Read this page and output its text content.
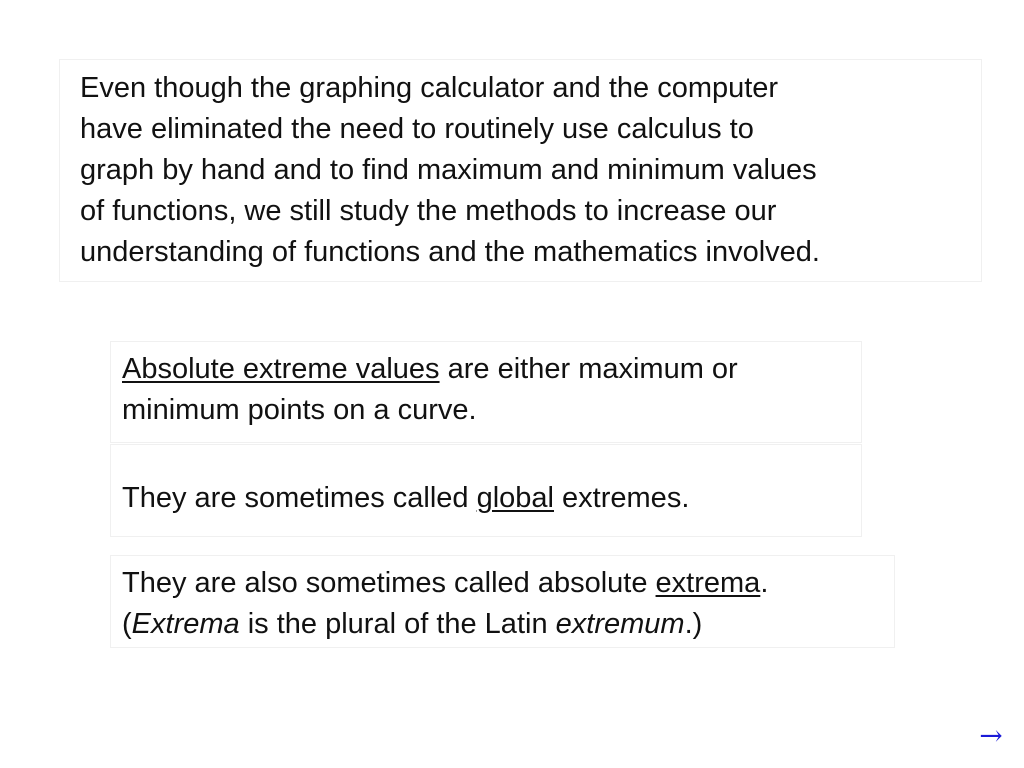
Even though the graphing calculator and the computer
have eliminated the need to routinely use calculus to
graph by hand and to find maximum and minimum values
of functions, we still study the methods to increase our
understanding of functions and the mathematics involved.
Absolute extreme values are either maximum or
minimum points on a curve.
They are sometimes called global extremes.
They are also sometimes called absolute extrema.
(Extrema is the plural of the Latin extremum.)
→
